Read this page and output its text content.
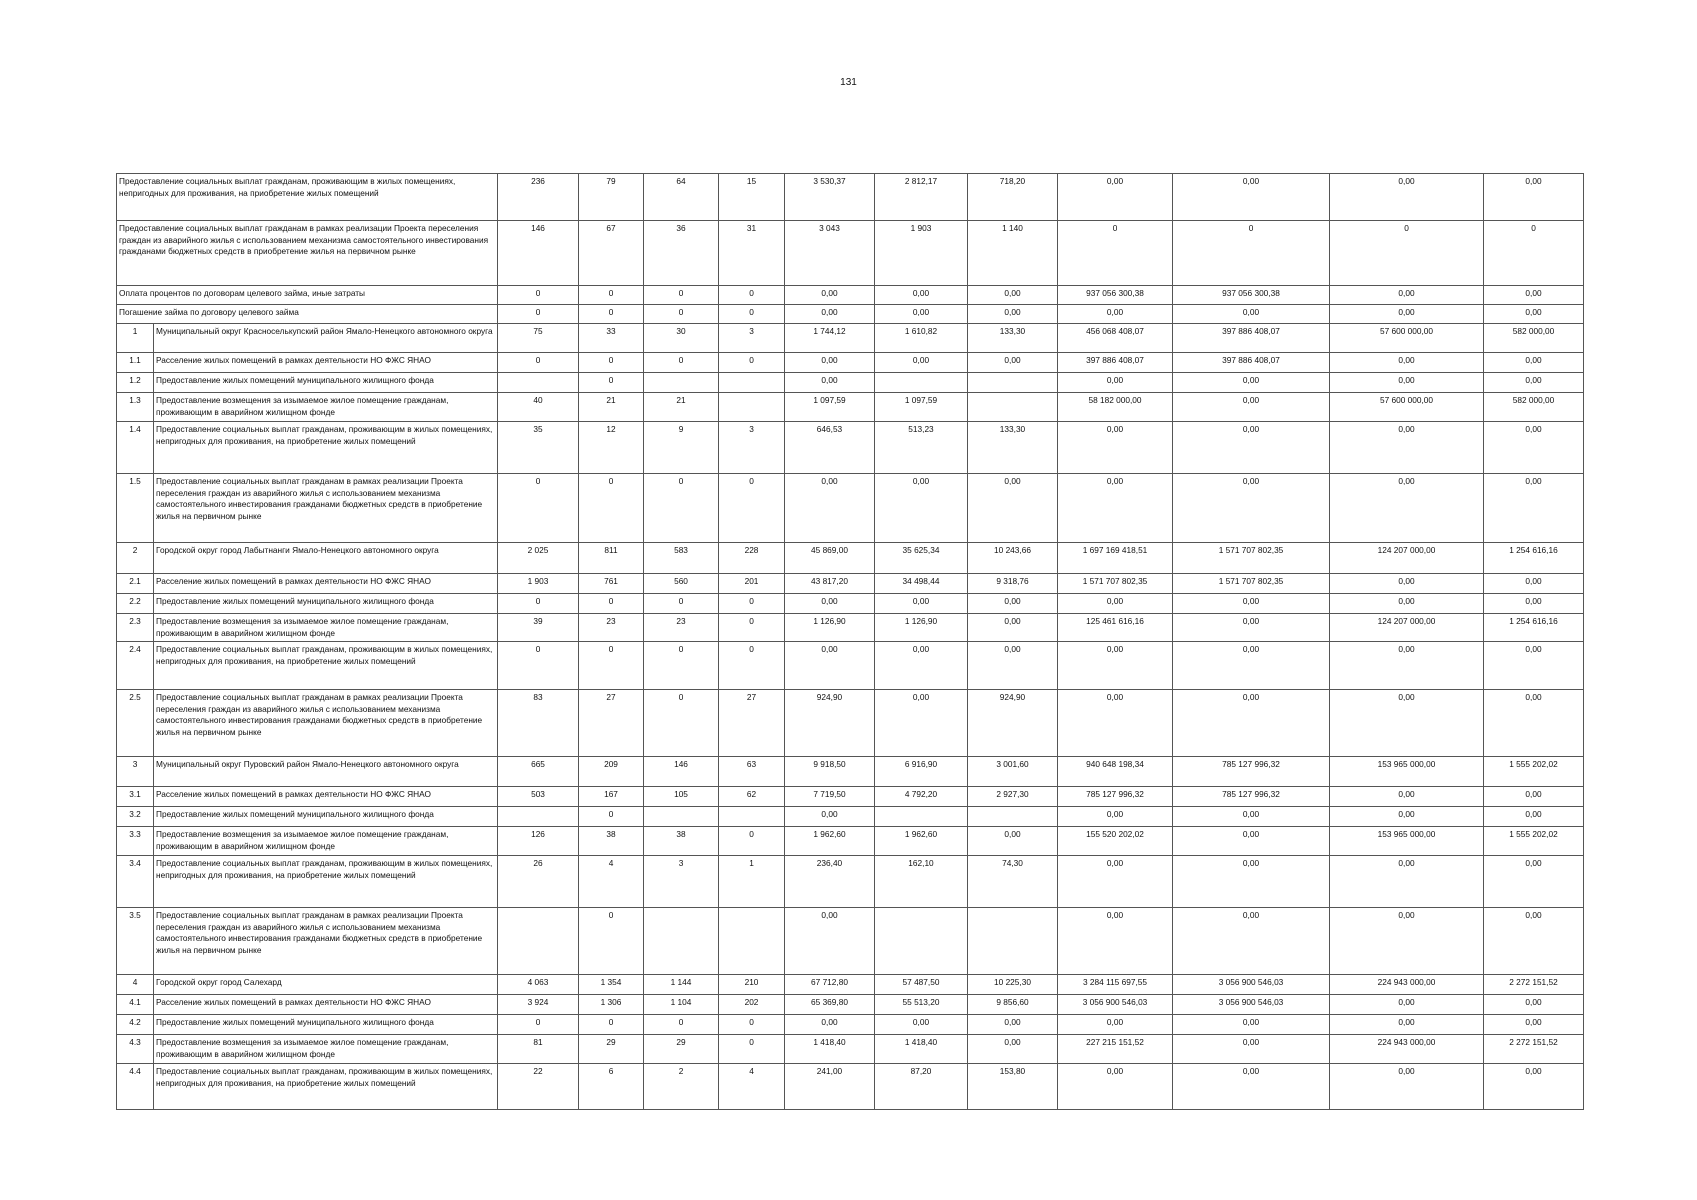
131
Предоставление социальных выплат гражданам, проживающим в жилых помещениях, непригодных для проживания, на приобретение жилых помещений		236	79	64	15	3 530,37	2 812,17	718,20	0,00	0,00	0,00	0,00
Предоставление социальных выплат гражданам в рамках реализации Проекта переселения граждан из аварийного жилья с использованием механизма самостоятельного инвестирования гражданами бюджетных средств в приобретение жилья на первичном рынке		146	67	36	31	3 043	1 903	1 140	0	0	0	0
Оплата процентов по договорам целевого займа, иные затраты		0	0	0	0	0,00	0,00	0,00	937 056 300,38	937 056 300,38	0,00	0,00
Погашение займа по договору целевого займа		0	0	0	0	0,00	0,00	0,00	0,00	0,00	0,00	0,00
1	Муниципальный округ Красноселькупский район Ямало-Ненецкого автономного округа	75	33	30	3	1 744,12	1 610,82	133,30	456 068 408,07	397 886 408,07	57 600 000,00	582 000,00
1.1	Расселение жилых помещений в рамках деятельности НО ФЖС ЯНАО	0	0	0	0	0,00	0,00	0,00	397 886 408,07	397 886 408,07	0,00	0,00
1.2	Предоставление жилых помещений муниципального жилищного фонда		0			0,00			0,00	0,00	0,00	0,00
1.3	Предоставление возмещения за изымаемое жилое помещение гражданам, проживающим в аварийном жилищном фонде	40	21	21		1 097,59	1 097,59		58 182 000,00	0,00	57 600 000,00	582 000,00
1.4	Предоставление социальных выплат гражданам, проживающим в жилых помещениях, непригодных для проживания, на приобретение жилых помещений	35	12	9	3	646,53	513,23	133,30	0,00	0,00	0,00	0,00
1.5	Предоставление социальных выплат гражданам в рамках реализации Проекта переселения граждан из аварийного жилья с использованием механизма самостоятельного инвестирования гражданами бюджетных средств в приобретение жилья на первичном рынке	0	0	0	0	0,00	0,00	0,00	0,00	0,00	0,00	0,00
2	Городской округ город Лабытнанги Ямало-Ненецкого автономного округа	2 025	811	583	228	45 869,00	35 625,34	10 243,66	1 697 169 418,51	1 571 707 802,35	124 207 000,00	1 254 616,16
2.1	Расселение жилых помещений в рамках деятельности НО ФЖС ЯНАО	1 903	761	560	201	43 817,20	34 498,44	9 318,76	1 571 707 802,35	1 571 707 802,35	0,00	0,00
2.2	Предоставление жилых помещений муниципального жилищного фонда	0	0	0	0	0,00	0,00	0,00	0,00	0,00	0,00	0,00
2.3	Предоставление возмещения за изымаемое жилое помещение гражданам, проживающим в аварийном жилищном фонде	39	23	23	0	1 126,90	1 126,90	0,00	125 461 616,16	0,00	124 207 000,00	1 254 616,16
2.4	Предоставление социальных выплат гражданам, проживающим в жилых помещениях, непригодных для проживания, на приобретение жилых помещений	0	0	0	0	0,00	0,00	0,00	0,00	0,00	0,00	0,00
2.5	Предоставление социальных выплат гражданам в рамках реализации Проекта переселения граждан из аварийного жилья с использованием механизма самостоятельного инвестирования гражданами бюджетных средств в приобретение жилья на первичном рынке	83	27	0	27	924,90	0,00	924,90	0,00	0,00	0,00	0,00
3	Муниципальный округ Пуровский район Ямало-Ненецкого автономного округа	665	209	146	63	9 918,50	6 916,90	3 001,60	940 648 198,34	785 127 996,32	153 965 000,00	1 555 202,02
3.1	Расселение жилых помещений в рамках деятельности НО ФЖС ЯНАО	503	167	105	62	7 719,50	4 792,20	2 927,30	785 127 996,32	785 127 996,32	0,00	0,00
3.2	Предоставление жилых помещений муниципального жилищного фонда		0			0,00			0,00	0,00	0,00	0,00
3.3	Предоставление возмещения за изымаемое жилое помещение гражданам, проживающим в аварийном жилищном фонде	126	38	38	0	1 962,60	1 962,60	0,00	155 520 202,02	0,00	153 965 000,00	1 555 202,02
3.4	Предоставление социальных выплат гражданам, проживающим в жилых помещениях, непригодных для проживания, на приобретение жилых помещений	26	4	3	1	236,40	162,10	74,30	0,00	0,00	0,00	0,00
3.5	Предоставление социальных выплат гражданам в рамках реализации Проекта переселения граждан из аварийного жилья с использованием механизма самостоятельного инвестирования гражданами бюджетных средств в приобретение жилья на первичном рынке		0			0,00			0,00	0,00	0,00	0,00
4	Городской округ город Салехард	4 063	1 354	1 144	210	67 712,80	57 487,50	10 225,30	3 284 115 697,55	3 056 900 546,03	224 943 000,00	2 272 151,52
4.1	Расселение жилых помещений в рамках деятельности НО ФЖС ЯНАО	3 924	1 306	1 104	202	65 369,80	55 513,20	9 856,60	3 056 900 546,03	3 056 900 546,03	0,00	0,00
4.2	Предоставление жилых помещений муниципального жилищного фонда	0	0	0	0	0,00	0,00	0,00	0,00	0,00	0,00	0,00
4.3	Предоставление возмещения за изымаемое жилое помещение гражданам, проживающим в аварийном жилищном фонде	81	29	29	0	1 418,40	1 418,40	0,00	227 215 151,52	0,00	224 943 000,00	2 272 151,52
4.4	Предоставление социальных выплат гражданам, проживающим в жилых помещениях, непригодных для проживания, на приобретение жилых помещений	22	6	2	4	241,00	87,20	153,80	0,00	0,00	0,00	0,00
